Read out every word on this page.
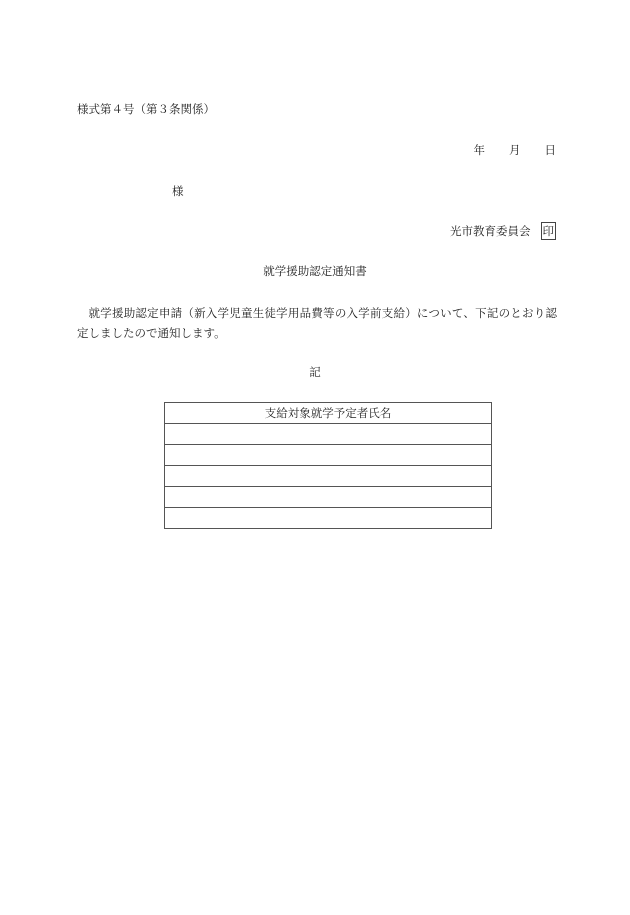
様式第４号（第３条関係）
年 月 日
様
光市教育委員会 印
就学援助認定通知書
就学援助認定申請（新入学児童生徒学用品費等の入学前支給）について、下記のとおり認定しましたので通知します。
記
支給対象就学予定者氏名
